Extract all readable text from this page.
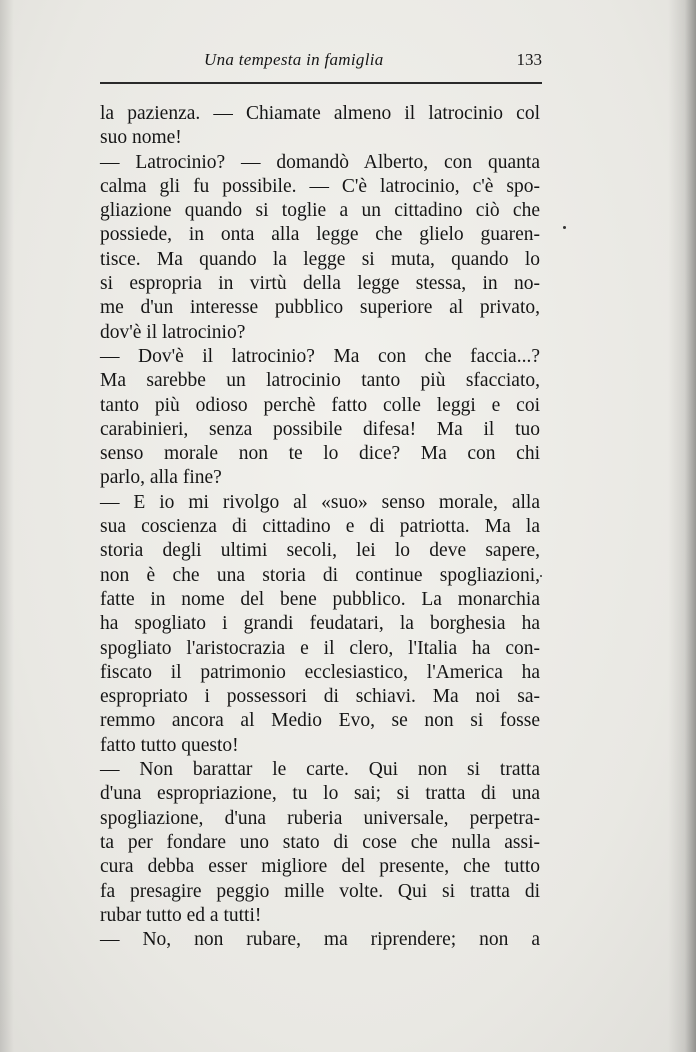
Una tempesta in famiglia	133
la pazienza. — Chiamate almeno il latrocinio col
suo nome!
— Latrocinio? — domandò Alberto, con quanta
calma gli fu possibile. — C'è latrocinio, c'è spo-
gliazione quando si toglie a un cittadino ciò che
possiede, in onta alla legge che glielo guaren-
tisce. Ma quando la legge si muta, quando lo
si espropria in virtù della legge stessa, in no-
me d'un interesse pubblico superiore al privato,
dov'è il latrocinio?
— Dov'è il latrocinio? Ma con che faccia...?
Ma sarebbe un latrocinio tanto più sfacciato,
tanto più odioso perchè fatto colle leggi e coi
carabinieri, senza possibile difesa! Ma il tuo
senso morale non te lo dice? Ma con chi
parlo, alla fine?
— E io mi rivolgo al «suo» senso morale, alla
sua coscienza di cittadino e di patriotta. Ma la
storia degli ultimi secoli, lei lo deve sapere,
non è che una storia di continue spogliazioni,
fatte in nome del bene pubblico. La monarchia
ha spogliato i grandi feudatari, la borghesia ha
spogliato l'aristocrazia e il clero, l'Italia ha con-
fiscato il patrimonio ecclesiastico, l'America ha
espropriato i possessori di schiavi. Ma noi sa-
remmo ancora al Medio Evo, se non si fosse
fatto tutto questo!
— Non barattar le carte. Qui non si tratta
d'una espropriazione, tu lo sai; si tratta di una
spogliazione, d'una ruberia universale, perpetra-
ta per fondare uno stato di cose che nulla assi-
cura debba esser migliore del presente, che tutto
fa presagire peggio mille volte. Qui si tratta di
rubar tutto ed a tutti!
— No, non rubare, ma riprendere; non a
